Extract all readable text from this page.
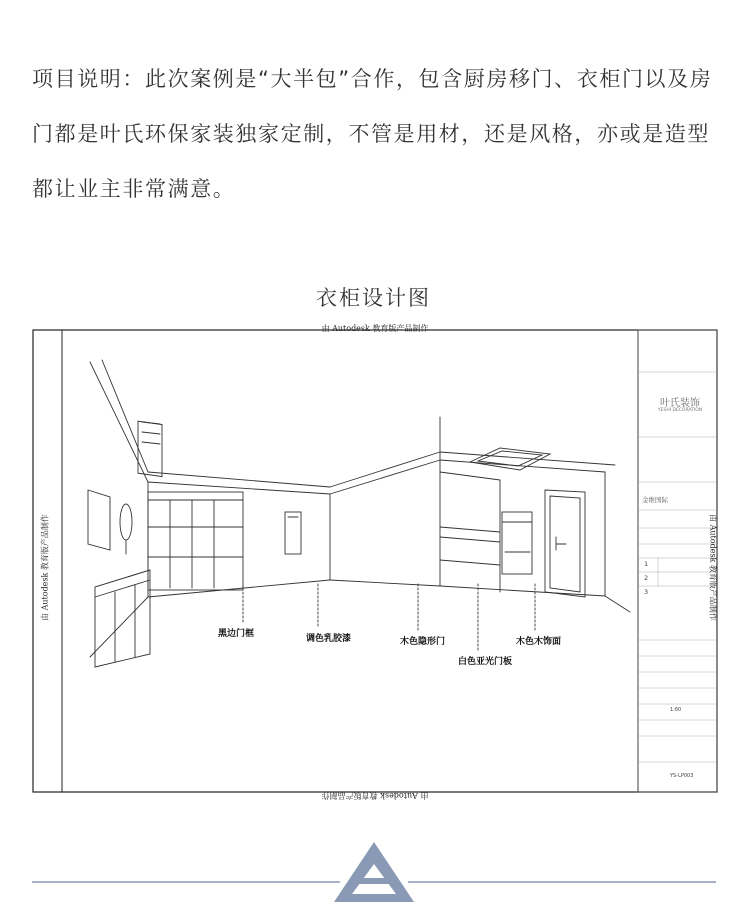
项目说明：此次案例是“大半包”合作，包含厨房移门、衣柜门以及房门都是叶氏环保家装独家定制，不管是用材，还是风格，亦或是造型都让业主非常满意。

衣柜设计图
由 Autodesk 教育版产品制作
由 Autodesk 教育版产品制作
由 Autodesk 教育版产品制作	由 Autodesk 教育版产品制作
黑边门框	调色乳胶漆	木色隐形门
白色亚光门板
木色木饰面
叶氏装饰
YESHI DECORATION
金维国际
1
2
3
1:60
YS-LP003
